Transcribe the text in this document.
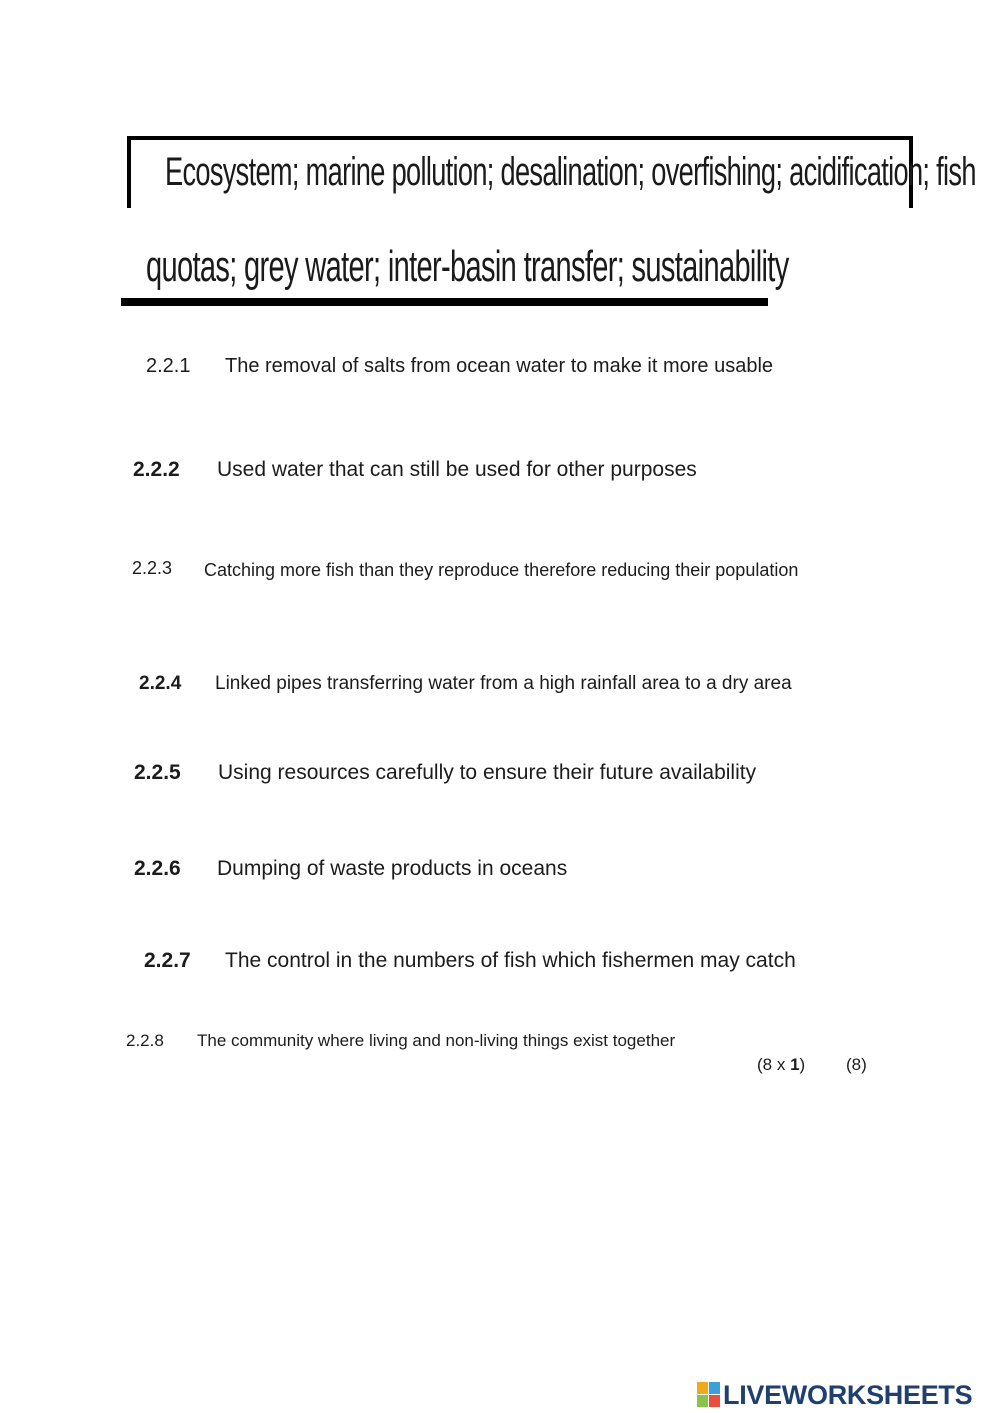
Ecosystem; marine pollution; desalination; overfishing; acidification; fish
quotas; grey water; inter-basin transfer; sustainability
2.2.1 The removal of salts from ocean water to make it more usable
2.2.2 Used water that can still be used for other purposes
2.2.3 Catching more fish than they reproduce therefore reducing their population
2.2.4 Linked pipes transferring water from a high rainfall area to a dry area
2.2.5 Using resources carefully to ensure their future availability
2.2.6 Dumping of waste products in oceans
2.2.7 The control in the numbers of fish which fishermen may catch
2.2.8 The community where living and non-living things exist together
(8 x 1) (8)
LIVEWORKSHEETS
